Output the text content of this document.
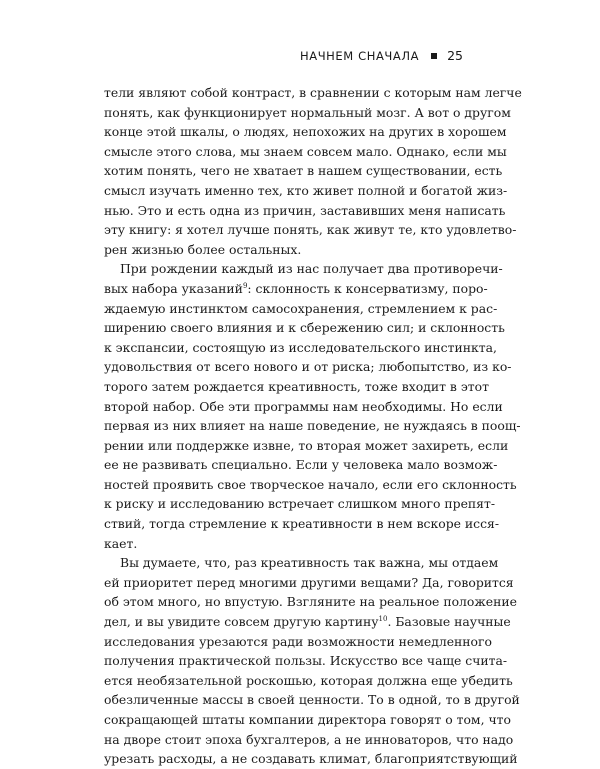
НАЧНЕМ СНАЧАЛА 25
тели являют собой контраст, в сравнении с которым нам легче
понять, как функционирует нормальный мозг. А вот о другом
конце этой шкалы, о людях, непохожих на других в хорошем
смысле этого слова, мы знаем совсем мало. Однако, если мы
хотим понять, чего не хватает в нашем существовании, есть
смысл изучать именно тех, кто живет полной и богатой жиз-
нью. Это и есть одна из причин, заставивших меня написать
эту книгу: я хотел лучше понять, как живут те, кто удовлетво-
рен жизнью более остальных.
При рождении каждый из нас получает два противоречи-
вых набора указаний$^9$: склонность к консерватизму, поро-
ждаемую инстинктом самосохранения, стремлением к рас-
ширению своего влияния и к сбережению сил; и склонность
к экспансии, состоящую из исследовательского инстинкта,
удовольствия от всего нового и от риска; любопытство, из ко-
торого затем рождается креативность, тоже входит в этот
второй набор. Обе эти программы нам необходимы. Но если
первая из них влияет на наше поведение, не нуждаясь в поощ-
рении или поддержке извне, то вторая может захиреть, если
ее не развивать специально. Если у человека мало возмож-
ностей проявить свое творческое начало, если его склонность
к риску и исследованию встречает слишком много препят-
ствий, тогда стремление к креативности в нем вскоре исся-
кает.
Вы думаете, что, раз креативность так важна, мы отдаем
ей приоритет перед многими другими вещами? Да, говорится
об этом много, но впустую. Взгляните на реальное положение
дел, и вы увидите совсем другую картину$^{10}$. Базовые научные
исследования урезаются ради возможности немедленного
получения практической пользы. Искусство все чаще счита-
ется необязательной роскошью, которая должна еще убедить
обезличенные массы в своей ценности. То в одной, то в другой
сокращающей штаты компании директора говорят о том, что
на дворе стоит эпоха бухгалтеров, а не инноваторов, что надо
урезать расходы, а не создавать климат, благоприятствующий
